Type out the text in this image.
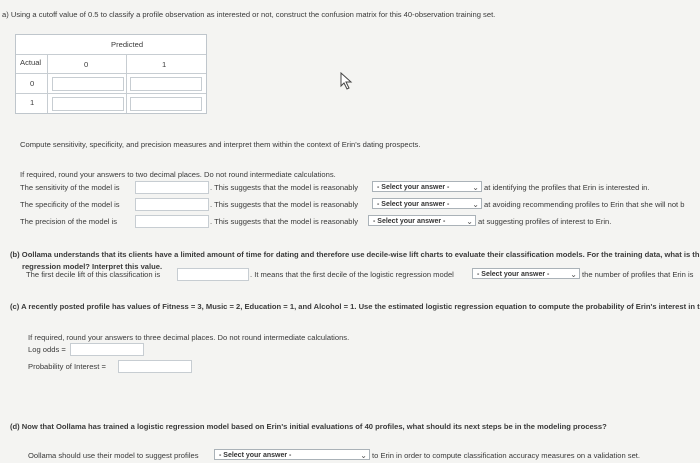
a) Using a cutoff value of 0.5 to classify a profile observation as interested or not, construct the confusion matrix for this 40-observation training set.
Predicted
Actual	0	1
0
1
Compute sensitivity, specificity, and precision measures and interpret them within the context of Erin's dating prospects.
If required, round your answers to two decimal places. Do not round intermediate calculations.
The sensitivity of the model is	. This suggests that the model is reasonably	- Select your answer -	⌄ at identifying the profiles that Erin is interested in.
The specificity of the model is	. This suggests that the model is reasonably	- Select your answer -	⌄ at avoiding recommending profiles to Erin that she will not b
The precision of the model is	. This suggests that the model is reasonably	- Select your answer -	⌄ at suggesting profiles of interest to Erin.
(b) Oollama understands that its clients have a limited amount of time for dating and therefore use decile-wise lift charts to evaluate their classification models. For the training data, what is th
regression model? Interpret this value.
The first decile lift of this classification is	. It means that the first decile of the logistic regression model	- Select your answer -	⌄ the number of profiles that Erin is
(c) A recently posted profile has values of Fitness = 3, Music = 2, Education = 1, and Alcohol = 1. Use the estimated logistic regression equation to compute the probability of Erin's interest in t
If required, round your answers to three decimal places. Do not round intermediate calculations.
Log odds =
Probability of Interest =
(d) Now that Oollama has trained a logistic regression model based on Erin's initial evaluations of 40 profiles, what should its next steps be in the modeling process?
Oollama should use their model to suggest profiles	- Select your answer -	⌄ to Erin in order to compute classification accuracy measures on a validation set.
